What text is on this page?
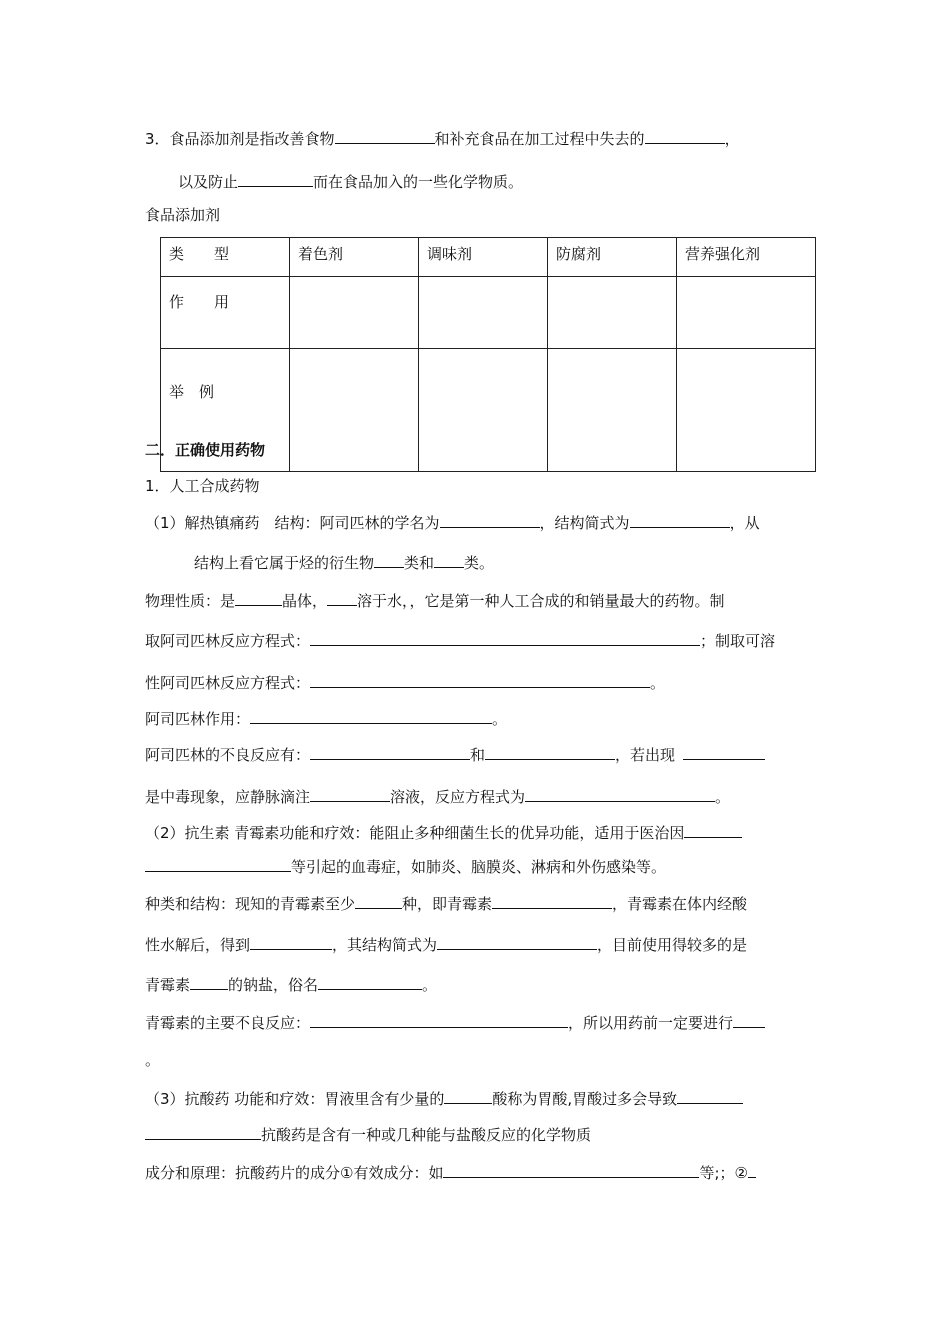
3．食品添加剂是指改善食物	和补充食品在加工过程中失去的	，
以及防止	而在食品加入的一些化学物质。
食品添加剂
类　　型	着色剂	调味剂	防腐剂	营养强化剂
作　　用				
举　例				
二．正确使用药物
1．人工合成药物
（1）解热镇痛药　结构：阿司匹林的学名为	，结构简式为	，从
结构上看它属于烃的衍生物 类和 类。
物理性质：是	晶体， 溶于水，，它是第一种人工合成的和销量最大的药物。制
取阿司匹林反应方程式：	；制取可溶
性阿司匹林反应方程式：	。
阿司匹林作用：	。
阿司匹林的不良反应有：	和	，若出现
是中毒现象，应静脉滴注	溶液，反应方程式为	。
（2）抗生素 青霉素功能和疗效：能阻止多种细菌生长的优异功能，适用于医治因
等引起的血毒症，如肺炎、脑膜炎、淋病和外伤感染等。
种类和结构：现知的青霉素至少	种，即青霉素	，青霉素在体内经酸
性水解后，得到	，其结构简式为	，目前使用得较多的是
青霉素	的钠盐，俗名	。
青霉素的主要不良反应：	，所以用药前一定要进行
。
（3）抗酸药 功能和疗效：胃液里含有少量的	酸称为胃酸,胃酸过多会导致
抗酸药是含有一种或几种能与盐酸反应的化学物质
成分和原理：抗酸药片的成分①有效成分：如	等;；②
